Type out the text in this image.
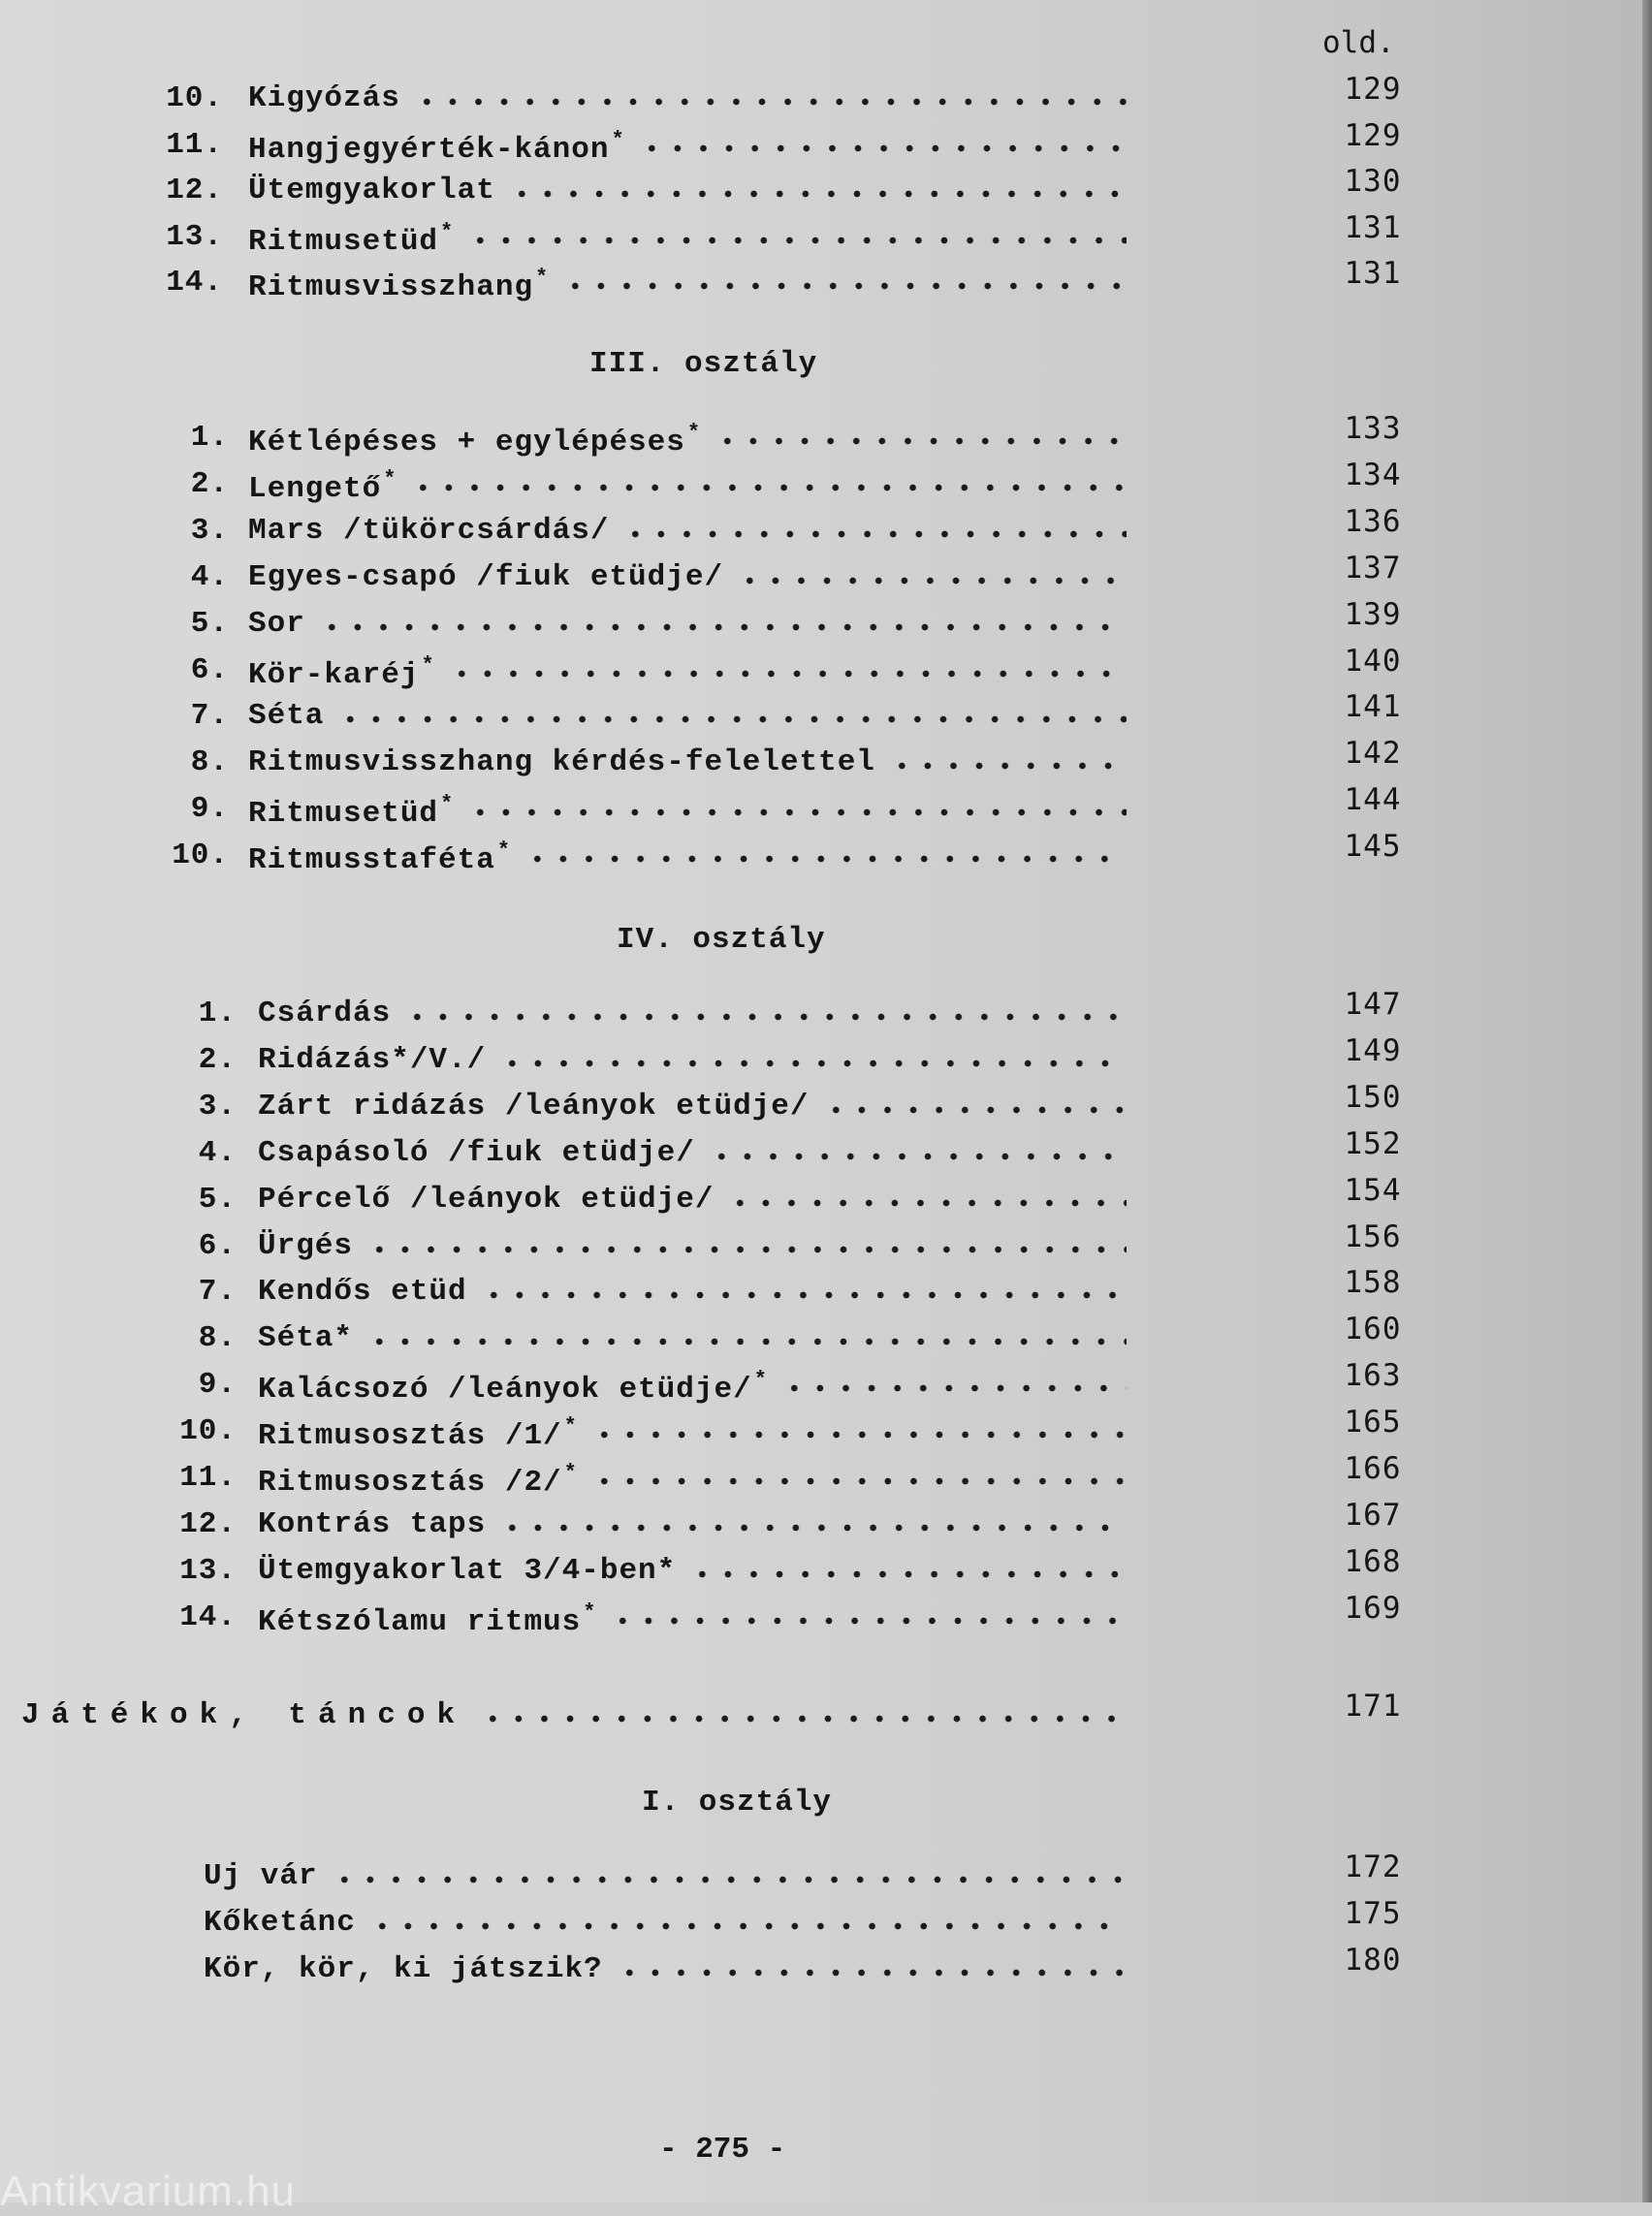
old.
10. Kigyózás	129
11. Hangjegyérték-kánon*	129
12. Ütemgyakorlat	130
13. Ritmusetüd*	131
14. Ritmusvisszhang*	131
III. osztály
1. Kétlépéses + egylépéses*	133
2. Lengető*	134
3. Mars /tükörcsárdás/	136
4. Egyes-csapó /fiuk etüdje/	137
5. Sor	139
6. Kör-karéj*	140
7. Séta	141
8. Ritmusvisszhang kérdés-felelettel	142
9. Ritmusetüd*	144
10. Ritmusstaféta*	145
IV. osztály
1. Csárdás	147
2. Ridázás*/V./	149
3. Zárt ridázás /leányok etüdje/	150
4. Csapásoló /fiuk etüdje/	152
5. Pércelő /leányok etüdje/	154
6. Ürgés	156
7. Kendős etüd	158
8. Séta*	160
9. Kalácsozó /leányok etüdje/*	163
10. Ritmusosztás /1/*	165
11. Ritmusosztás /2/*	166
12. Kontrás taps	167
13. Ütemgyakorlat 3/4-ben*	168
14. Kétszólamu ritmus*	169
Játékok, táncok	171
I. osztály
Uj vár	172
Kőketánc	175
Kör, kör, ki játszik?	180
- 275 -
Antikvarium.hu
